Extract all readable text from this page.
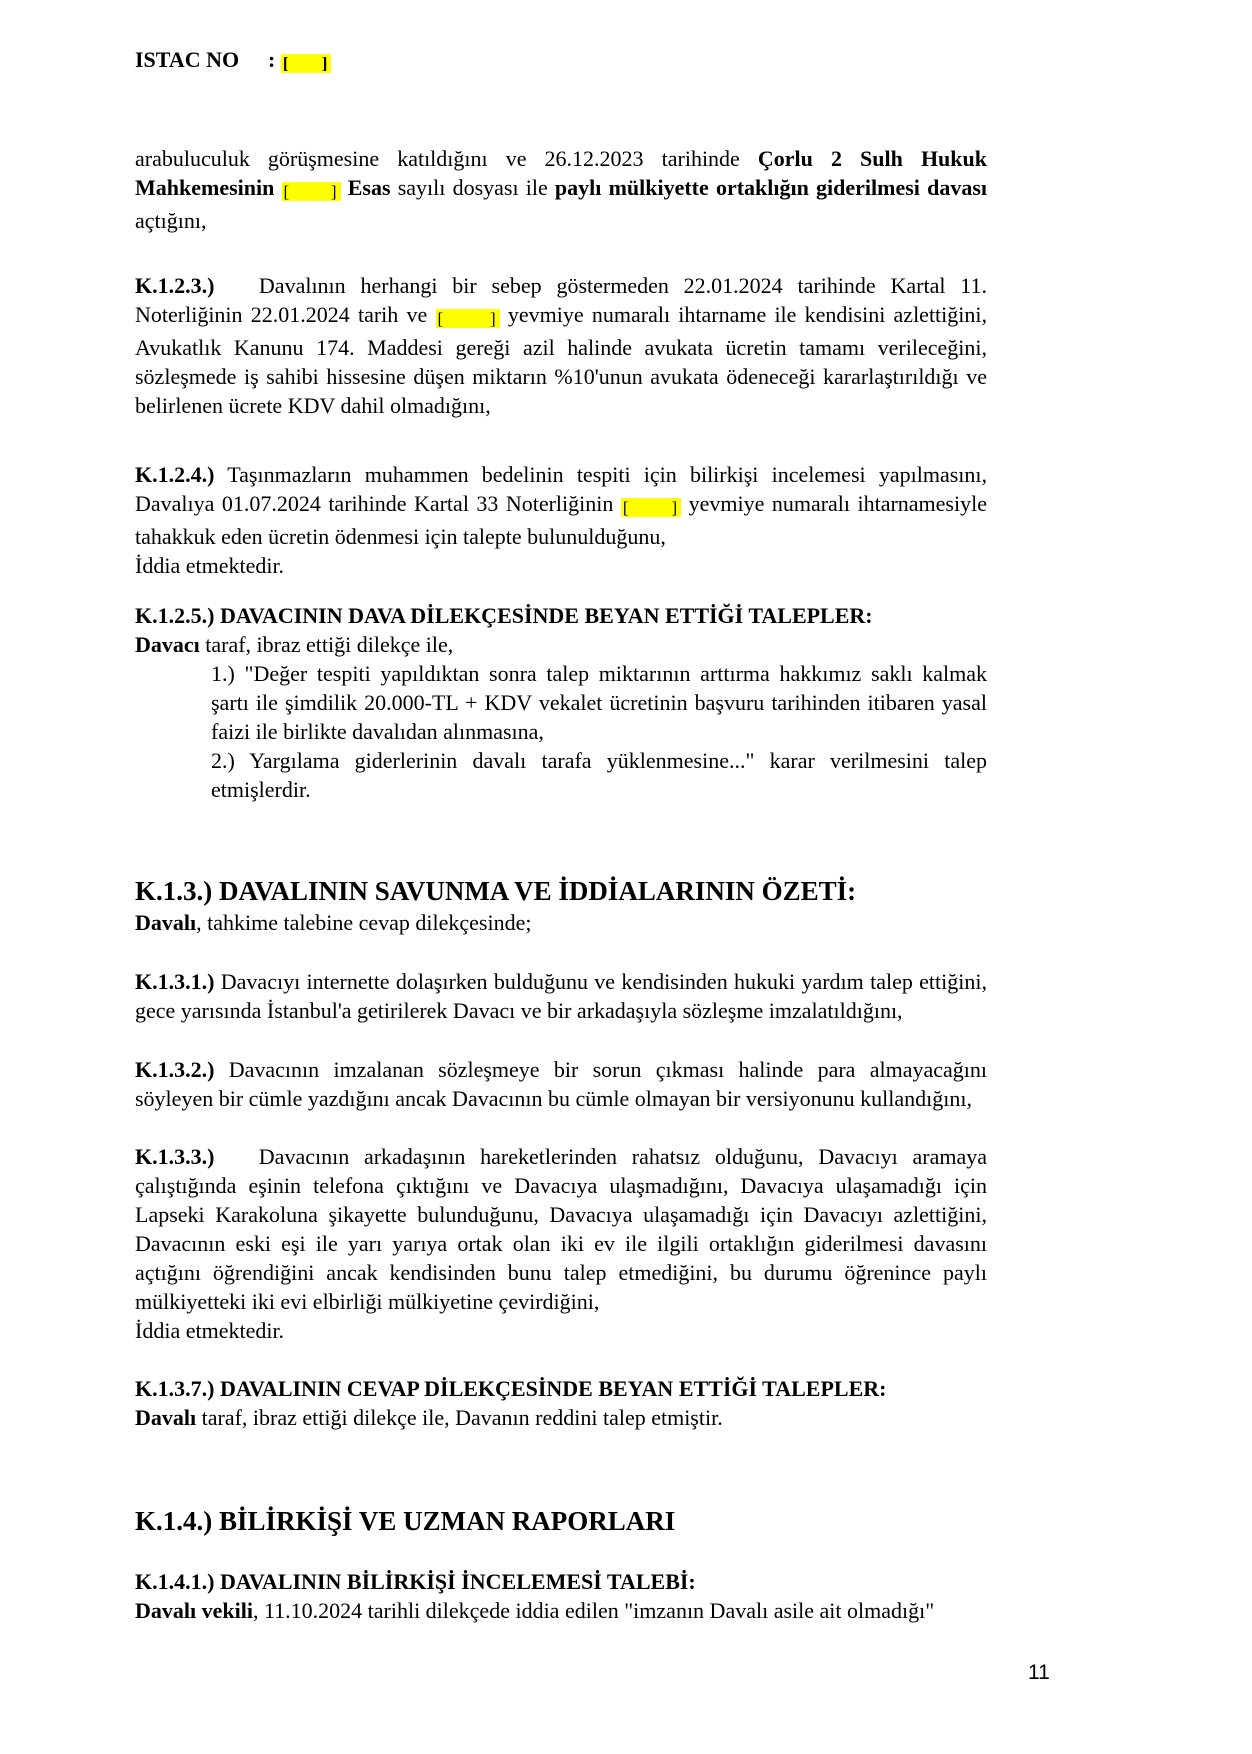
ISTAC NO : [     ]

arabuluculuk görüşmesine katıldığını ve 26.12.2023 tarihinde Çorlu 2 Sulh Hukuk Mahkemesinin [     ] Esas sayılı dosyası ile paylı mülkiyette ortaklığın giderilmesi davası açtığını,

K.1.2.3.)   Davalının herhangi bir sebep göstermeden 22.01.2024 tarihinde Kartal 11. Noterliğinin 22.01.2024 tarih ve [     ] yevmiye numaralı ihtarname ile kendisini azlettiğini, Avukatlık Kanunu 174. Maddesi gereği azil halinde avukata ücretin tamamı verileceğini, sözleşmede iş sahibi hissesine düşen miktarın %10'unun avukata ödeneceği kararlaştırıldığı ve belirlenen ücrete KDV dahil olmadığını,

K.1.2.4.) Taşınmazların muhammen bedelinin tespiti için bilirkişi incelemesi yapılmasını, Davalıya 01.07.2024 tarihinde Kartal 33 Noterliğinin [     ] yevmiye numaralı ihtarnamesiyle tahakkuk eden ücretin ödenmesi için talepte bulunulduğunu,

İddia etmektedir.

K.1.2.5.) DAVACININ DAVA DİLEKÇESİNDE BEYAN ETTİĞİ TALEPLER:

Davacı taraf, ibraz ettiği dilekçe ile,

1.) "Değer tespiti yapıldıktan sonra talep miktarının arttırma hakkımız saklı kalmak şartı ile şimdilik 20.000-TL + KDV vekalet ücretinin başvuru tarihinden itibaren yasal faizi ile birlikte davalıdan alınmasına,

2.) Yargılama giderlerinin davalı tarafa yüklenmesine..." karar verilmesini talep etmişlerdir.

K.1.3.) DAVALININ SAVUNMA VE İDDİALARININ ÖZETİ:

Davalı, tahkime talebine cevap dilekçesinde;

K.1.3.1.) Davacıyı internette dolaşırken bulduğunu ve kendisinden hukuki yardım talep ettiğini, gece yarısında İstanbul'a getirilerek Davacı ve bir arkadaşıyla sözleşme imzalatıldığını,

K.1.3.2.) Davacının imzalanan sözleşmeye bir sorun çıkması halinde para almayacağını söyleyen bir cümle yazdığını ancak Davacının bu cümle olmayan bir versiyonunu kullandığını,

K.1.3.3.)   Davacının arkadaşının hareketlerinden rahatsız olduğunu, Davacıyı aramaya çalıştığında eşinin telefona çıktığını ve Davacıya ulaşmadığını, Davacıya ulaşamadığı için Lapseki Karakoluna şikayette bulunduğunu, Davacıya ulaşamadığı için Davacıyı azlettiğini, Davacının eski eşi ile yarı yarıya ortak olan iki ev ile ilgili ortaklığın giderilmesi davasını açtığını öğrendiğini ancak kendisinden bunu talep etmediğini, bu durumu öğrenince paylı mülkiyetteki iki evi elbirliği mülkiyetine çevirdiğini,

İddia etmektedir.

K.1.3.7.) DAVALININ CEVAP DİLEKÇESİNDE BEYAN ETTİĞİ TALEPLER:

Davalı taraf, ibraz ettiği dilekçe ile, Davanın reddini talep etmiştir.

K.1.4.) BİLİRKİŞİ VE UZMAN RAPORLARI

K.1.4.1.) DAVALININ BİLİRKİŞİ İNCELEMESİ TALEBİ:

Davalı vekili, 11.10.2024 tarihli dilekçede iddia edilen "imzanın Davalı asile ait olmadığı"

11
